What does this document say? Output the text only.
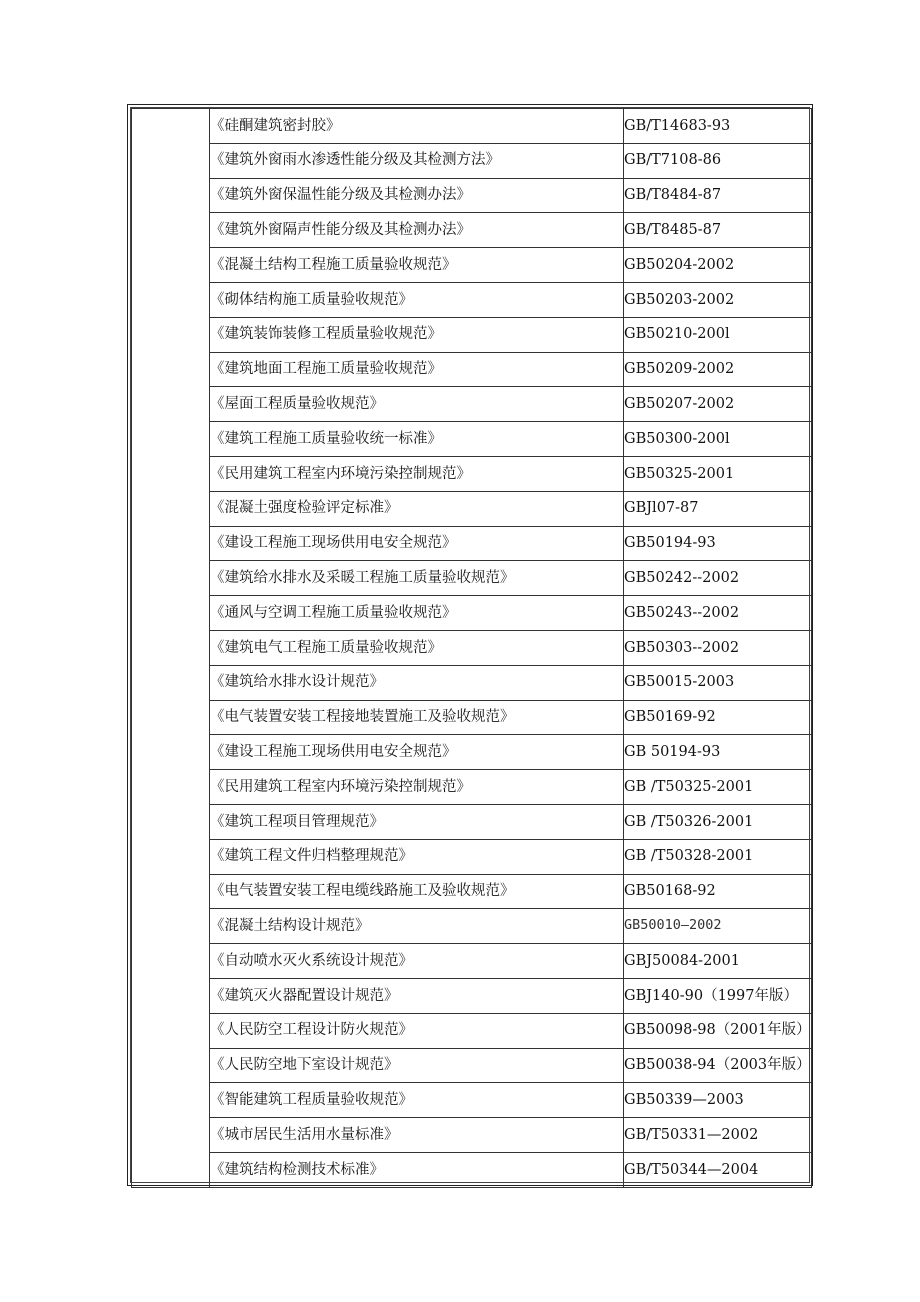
	《硅酮建筑密封胶》	GB/T14683-93
	《建筑外窗雨水渗透性能分级及其检测方法》	GB/T7108-86
	《建筑外窗保温性能分级及其检测办法》	GB/T8484-87
	《建筑外窗隔声性能分级及其检测办法》	GB/T8485-87
	《混凝土结构工程施工质量验收规范》	GB50204-2002
	《砌体结构施工质量验收规范》	GB50203-2002
	《建筑装饰装修工程质量验收规范》	GB50210-200l
	《建筑地面工程施工质量验收规范》	GB50209-2002
	《屋面工程质量验收规范》	GB50207-2002
	《建筑工程施工质量验收统一标准》	GB50300-200l
	《民用建筑工程室内环境污染控制规范》	GB50325-2001
	《混凝土强度检验评定标准》	GBJl07-87
	《建设工程施工现场供用电安全规范》	GB50194-93
	《建筑给水排水及采暖工程施工质量验收规范》	GB50242--2002
	《通风与空调工程施工质量验收规范》	GB50243--2002
	《建筑电气工程施工质量验收规范》	GB50303--2002
	《建筑给水排水设计规范》	GB50015-2003
	《电气装置安装工程接地装置施工及验收规范》	GB50169-92
	《建设工程施工现场供用电安全规范》	GB 50194-93
	《民用建筑工程室内环境污染控制规范》	GB /T50325-2001
	《建筑工程项目管理规范》	GB /T50326-2001
	《建筑工程文件归档整理规范》	GB /T50328-2001
	《电气装置安装工程电缆线路施工及验收规范》	GB50168-92
	《混凝土结构设计规范》	GB50010—2002
	《自动喷水灭火系统设计规范》	GBJ50084-2001
	《建筑灭火器配置设计规范》	GBJ140-90（1997年版）
	《人民防空工程设计防火规范》	GB50098-98（2001年版）
	《人民防空地下室设计规范》	GB50038-94（2003年版）
	《智能建筑工程质量验收规范》	GB50339—2003
	《城市居民生活用水量标准》	GB/T50331—2002
	《建筑结构检测技术标准》	GB/T50344—2004
